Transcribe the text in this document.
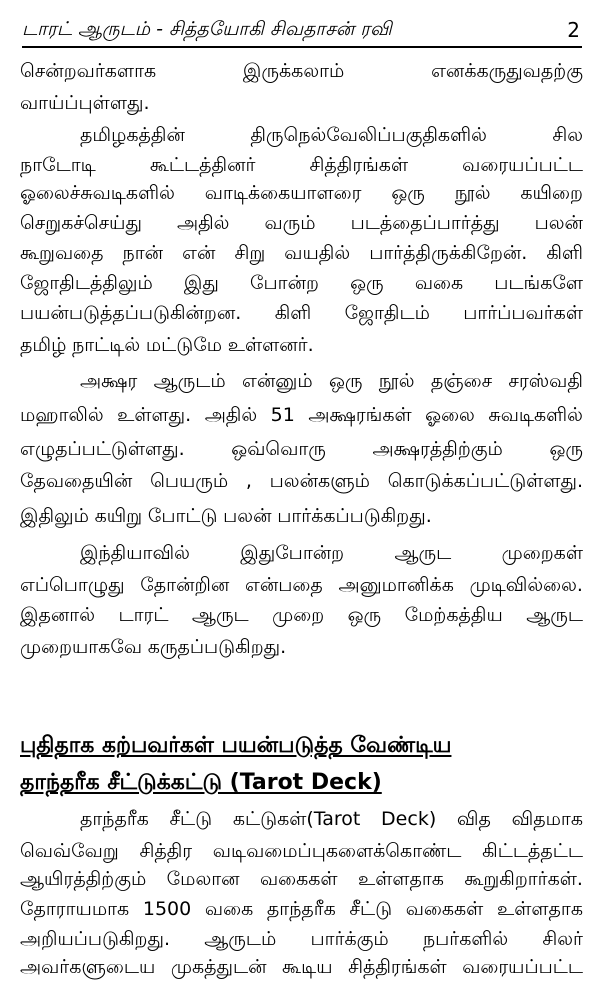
டாரட் ஆருடம் - சித்தயோகி சிவதாசன் ரவி	2
சென்றவர்களாக	இருக்கலாம்	எனக்கருதுவதற்கு
வாய்ப்புள்ளது.
தமிழகத்தின்	திருநெல்வேலிப்பகுதிகளில்	சில
நாடோடி	கூட்டத்தினர்	சித்திரங்கள்	வரையப்பட்ட
ஓலைச்சுவடிகளில் வாடிக்கையாளரை ஒரு நூல் கயிறை
செறுகச்செய்து அதில் வரும் படத்தைப்பார்த்து பலன்
கூறுவதை நான் என் சிறு வயதில் பார்த்திருக்கிறேன். கிளி
ஜோதிடத்திலும் இது போன்ற ஒரு வகை படங்களே
பயன்படுத்தப்படுகின்றன. கிளி ஜோதிடம் பார்ப்பவர்கள்
தமிழ் நாட்டில் மட்டுமே உள்ளனர்.
அக்ஷர ஆருடம் என்னும் ஒரு நூல் தஞ்சை சரஸ்வதி
மஹாலில் உள்ளது. அதில் 51 அக்ஷரங்கள் ஓலை சுவடிகளில்
எழுதப்பட்டுள்ளது. ஒவ்வொரு அக்ஷரத்திற்கும் ஒரு
தேவதையின் பெயரும் , பலன்களும் கொடுக்கப்பட்டுள்ளது.
இதிலும் கயிறு போட்டு பலன் பார்க்கப்படுகிறது.
இந்தியாவில்	இதுபோன்ற	ஆருட	முறைகள்
எப்பொழுது தோன்றின என்பதை அனுமானிக்க முடிவில்லை.
இதனால் டாரட் ஆருட முறை ஒரு மேற்கத்திய ஆருட
முறையாகவே கருதப்படுகிறது.
புதிதாக கற்பவர்கள் பயன்படுத்த வேண்டிய
தாந்தரீக சீட்டுக்கட்டு (Tarot Deck)
தாந்தரீக சீட்டு கட்டுகள்(Tarot Deck) வித விதமாக
வெவ்வேறு சித்திர வடிவமைப்புகளைக்கொண்ட கிட்டத்தட்ட
ஆயிரத்திற்கும் மேலான வகைகள் உள்ளதாக கூறுகிறார்கள்.
தோராயமாக 1500 வகை தாந்தரீக சீட்டு வகைகள் உள்ளதாக
அறியப்படுகிறது. ஆருடம் பார்க்கும் நபர்களில் சிலர்
அவர்களுடைய முகத்துடன் கூடிய சித்திரங்கள் வரையப்பட்ட
